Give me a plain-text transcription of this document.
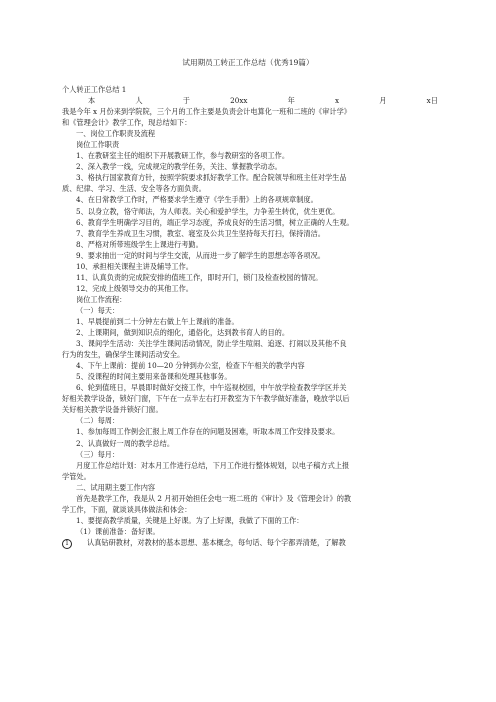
试用期员工转正工作总结（优秀19篇）

个人转正工作总结 1

本	人	于	20xx	年	x	月	x日

我是今年 x 月份来到学院院，三个月的工作主要是负责会计电算化一班和二班的《审计学》

和《管理会计》教学工作，现总结如下：

一、岗位工作职责及流程

岗位工作职责

1、在教研室主任的组织下开展教研工作，参与教研室的各项工作。

2、深入教学一线，完成规定的教学任务，关注、掌握教学动态。

3、格执行国家教育方针，按照学院要求抓好教学工作。配合院领导和班主任对学生品

质、纪律、学习、生活、安全等各方面负责。

4、在日常教学工作时，严格要求学生遵守《学生手册》上的各项规章制度。

5、以身立教，恪守师法，为人师表。关心和爱护学生，力争差生转优，优生更优。

6、教育学生明确学习目的，端正学习态度，养成良好的生活习惯，树立正确的人生观。

7、教育学生养成卫生习惯，教室、寝室及公共卫生坚持每天打扫，保持清洁。

8、严格对所带班级学生上课进行考勤。

9、要求抽出一定的时间与学生交流，从而进一步了解学生的思想态等各项况。

10、承担相关课程主讲及辅导工作。

11、认真负责的完成院安排的值班工作，即时开门，锁门及检查校园的情况。

12、完成上级领导交办的其他工作。

岗位工作流程：

（一）每天：

1、早晨提前到二十分钟左右做上午上课前的准备。

2、上课期间，做到知识点的细化，通俗化，达到教书育人的目的。

3、课间学生活动：关注学生课间活动情况，防止学生喧闹、追逐、打闹以及其他不良

行为的发生，确保学生课间活动安全。

4、下午上课前：提前 10—20 分钟到办公室，检查下午相关的教学内容

5、没课程的时间主要用来备课和处理其他事务。

6、轮到值班日，早晨即时做好交接工作，中午巡视校园，中午放学检查教学学区并关

好相关教学设备，锁好门窗，下午在一点半左右打开教室为下午教学做好准备，晚放学以后

关好相关教学设备并锁好门窗。

（二）每周：

1、参加每周工作例会汇报上周工作存在的问题及困难，听取本周工作安排及要求。

2、认真做好一周的教学总结。

（三）每月：

月度工作总结计划：对本月工作进行总结，下月工作进行整体规划，以电子稿方式上报

学管处。

二、试用期主要工作内容

首先是教学工作，我是从 2 月初开始担任会电一班二班的《审计》及《管理会计》的教

学工作，下面，就谈谈具体做法和体会：

1、要提高教学质量，关键是上好课。为了上好课，我做了下面的工作：

（1）课前准备：备好课。

1	认真钻研教材，对教材的基本思想、基本概念，每句话、每个字都弄清楚，了解教
